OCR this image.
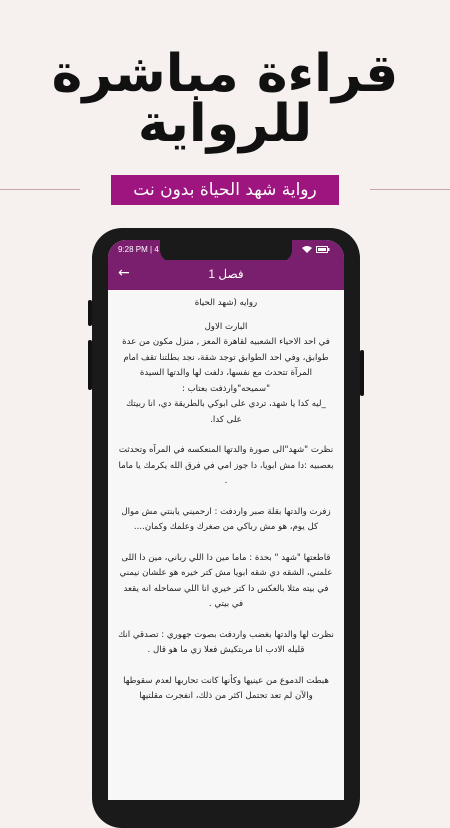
قراءة مباشرة
للرواية
رواية شهد الحياة بدون نت
9:28 PM | 4
←	فصل 1

روايه (شهد الحياة

البارت الاول

في احد الاحياء الشعبيه لقاهرة المعز , منزل مكون من عدة طوابق، وفي احد الطوابق توجد شقة، نجد بطلتنا تقف امام المرآة تتحدث مع نفسها، دلفت لها والدتها السيدة "سميحه"وارذفت بعتاب :

_ليه كدا يا شهد، تردي على ابوكي بالطريقة دي، انا ربيتك على كدا.

نظرت "شهد"الى صورة والدتها المنعكسه في المرآه وتحدثت بعصبيه :دا مش ابويا، دا جوز امي في فرق الله يكرمك يا ماما .

زفرت والدتها بقلة صبر واردفت : ارحميني يابنتي مش موال كل يوم، هو مش رباكي من صغرك وعلمك وكمان....

قاطعتها "شهد " بحدة : ماما مين دا اللي رباني، مين دا اللى علمني، الشقه دي شقه ابويا مش كتر خيره هو علشان نيمني في بيته مثلا بالعكس دا كتر خيري انا اللي سماحله انه يقعد في بيتي .

نظرت لها والدتها بغضب واردفت بصوت جهوري : تصدقي انك قليله الادب انا مربتكيش فعلا زي ما هو قال .

هبطت الدموع من عينيها وكأنها كانت تحاربها لعدم سقوطها والآن لم تعد تحتمل اكثر من ذلك، انفجرت مقلتيها
